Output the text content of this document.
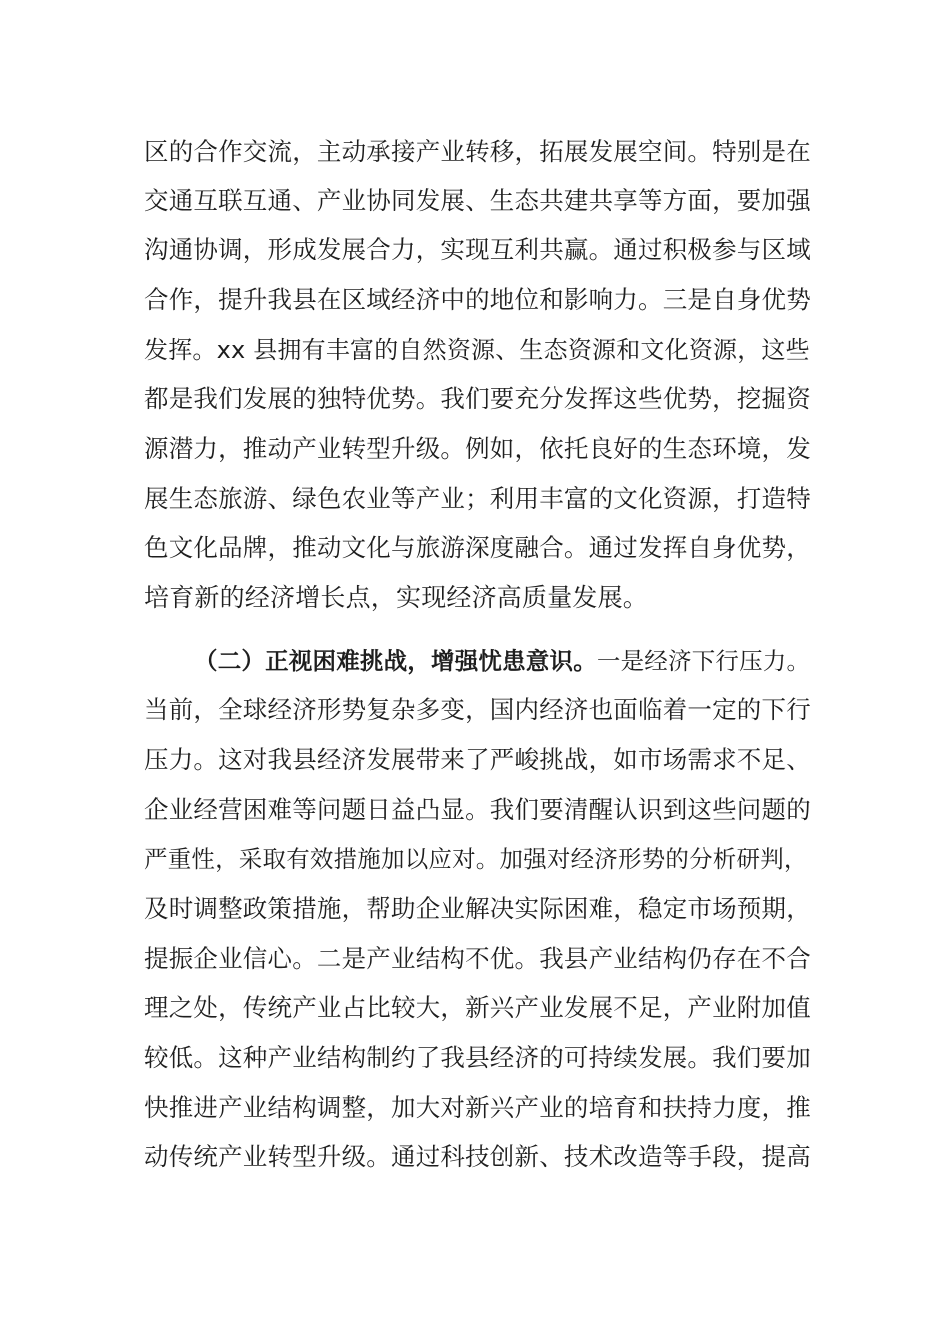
区的合作交流，主动承接产业转移，拓展发展空间。特别是在
交通互联互通、产业协同发展、生态共建共享等方面，要加强
沟通协调，形成发展合力，实现互利共赢。通过积极参与区域
合作，提升我县在区域经济中的地位和影响力。三是自身优势
发挥。xx 县拥有丰富的自然资源、生态资源和文化资源，这些
都是我们发展的独特优势。我们要充分发挥这些优势，挖掘资
源潜力，推动产业转型升级。例如，依托良好的生态环境，发
展生态旅游、绿色农业等产业；利用丰富的文化资源，打造特
色文化品牌，推动文化与旅游深度融合。通过发挥自身优势，
培育新的经济增长点，实现经济高质量发展。
（二）正视困难挑战，增强忧患意识。一是经济下行压力。
当前，全球经济形势复杂多变，国内经济也面临着一定的下行
压力。这对我县经济发展带来了严峻挑战，如市场需求不足、
企业经营困难等问题日益凸显。我们要清醒认识到这些问题的
严重性，采取有效措施加以应对。加强对经济形势的分析研判，
及时调整政策措施，帮助企业解决实际困难，稳定市场预期，
提振企业信心。二是产业结构不优。我县产业结构仍存在不合
理之处，传统产业占比较大，新兴产业发展不足，产业附加值
较低。这种产业结构制约了我县经济的可持续发展。我们要加
快推进产业结构调整，加大对新兴产业的培育和扶持力度，推
动传统产业转型升级。通过科技创新、技术改造等手段，提高
